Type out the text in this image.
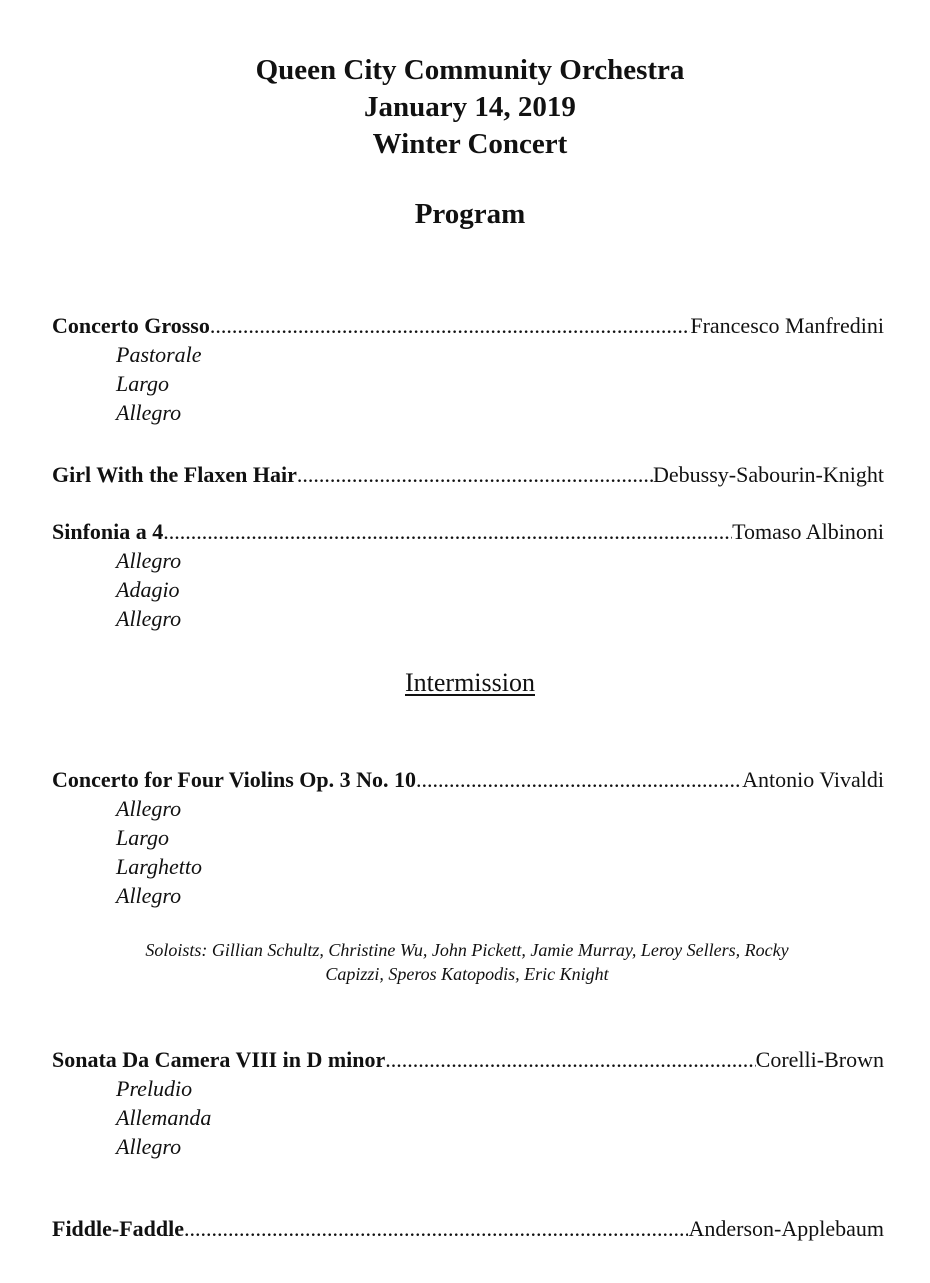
Queen City Community Orchestra
January 14, 2019
Winter Concert
Program
Concerto Grosso .....	Francesco Manfredini
Pastorale
Largo
Allegro
Girl With the Flaxen Hair .....	Debussy-Sabourin-Knight
Sinfonia a 4 .....	Tomaso Albinoni
Allegro
Adagio
Allegro
Intermission
Concerto for Four Violins Op. 3 No. 10 .....	Antonio Vivaldi
Allegro
Largo
Larghetto
Allegro
Soloists: Gillian Schultz, Christine Wu, John Pickett, Jamie Murray, Leroy Sellers, Rocky
Capizzi, Speros Katopodis, Eric Knight
Sonata Da Camera VIII in D minor .....	Corelli-Brown
Preludio
Allemanda
Allegro
Fiddle-Faddle .....	Anderson-Applebaum
